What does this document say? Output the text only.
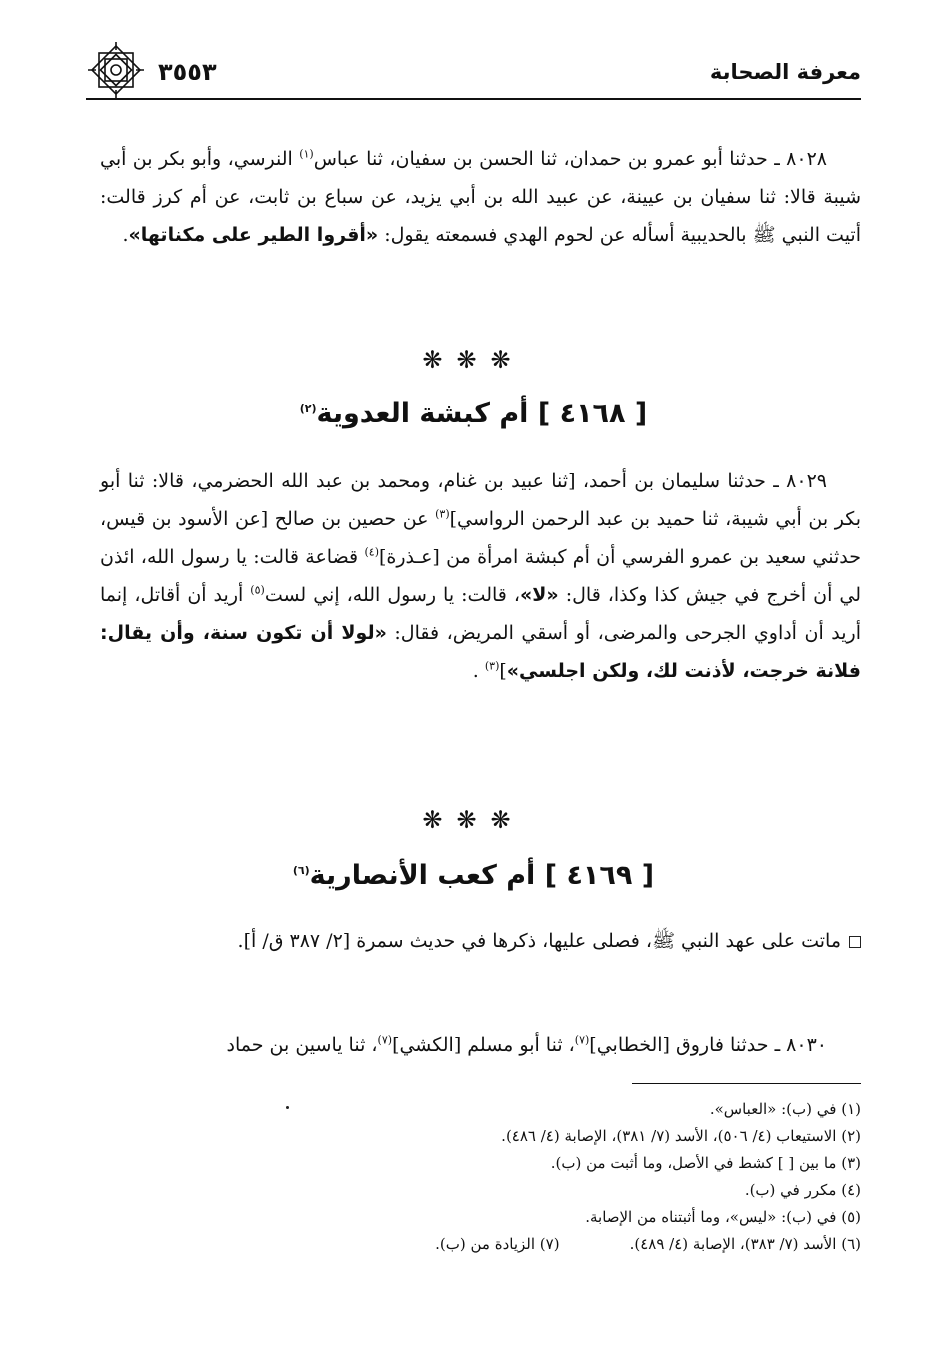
معرفة الصحابة
٣٥٥٣

٨٠٢٨ ـ حدثنا أبو عمرو بن حمدان، ثنا الحسن بن سفيان، ثنا عباس$^{(١)}$ النرسي، وأبو بكر بن أبي شيبة قالا: ثنا سفيان بن عيينة، عن عبيد الله بن أبي يزيد، عن سباع بن ثابت، عن أم كرز قالت: أتيت النبي ﷺ بالحديبية أسأله عن لحوم الهدي فسمعته يقول: «أقروا الطير على مكناتها».

❋❋❋
[ ٤١٦٨ ] أم كبشة العدوية$^{(٢)}$

٨٠٢٩ ـ حدثنا سليمان بن أحمد، [ثنا عبيد بن غنام، ومحمد بن عبد الله الحضرمي، قالا: ثنا أبو بكر بن أبي شيبة، ثنا حميد بن عبد الرحمن الرواسي]$^{(٣)}$ عن حصين بن صالح [عن الأسود بن قيس، حدثني سعيد بن عمرو الفرسي أن أم كبشة امرأة من [عـذرة]$^{(٤)}$ قضاعة قالت: يا رسول الله، ائذن لي أن أخرج في جيش كذا وكذا، قال: «لا»، قالت: يا رسول الله، إني لست$^{(٥)}$ أريد أن أقاتل، إنما أريد أن أداوي الجرحى والمرضى، أو أسقي المريض، فقال: «لولا أن تكون سنة، وأن يقال: فلانة خرجت، لأذنت لك، ولكن اجلسي»]$^{(٣)}$ .

❋❋❋
[ ٤١٦٩ ] أم كعب الأنصارية$^{(٦)}$

ماتت على عهد النبي ﷺ، فصلى عليها، ذكرها في حديث سمرة [٢/ ٣٨٧ ق/ أ].

٨٠٣٠ ـ حدثنا فاروق [الخطابي]$^{(٧)}$، ثنا أبو مسلم [الكشي]$^{(٧)}$، ثنا ياسين بن حماد

(١) في (ب): «العباس».
(٢) الاستيعاب (٤/ ٥٠٦)، الأسد (٧/ ٣٨١)، الإصابة (٤/ ٤٨٦).
(٣) ما بين [ ] كشط في الأصل، وما أثبت من (ب).
(٤) مكرر في (ب).
(٥) في (ب): «ليس»، وما أثبتناه من الإصابة.
(٦) الأسد (٧/ ٣٨٣)، الإصابة (٤/ ٤٨٩).
(٧) الزيادة من (ب).
